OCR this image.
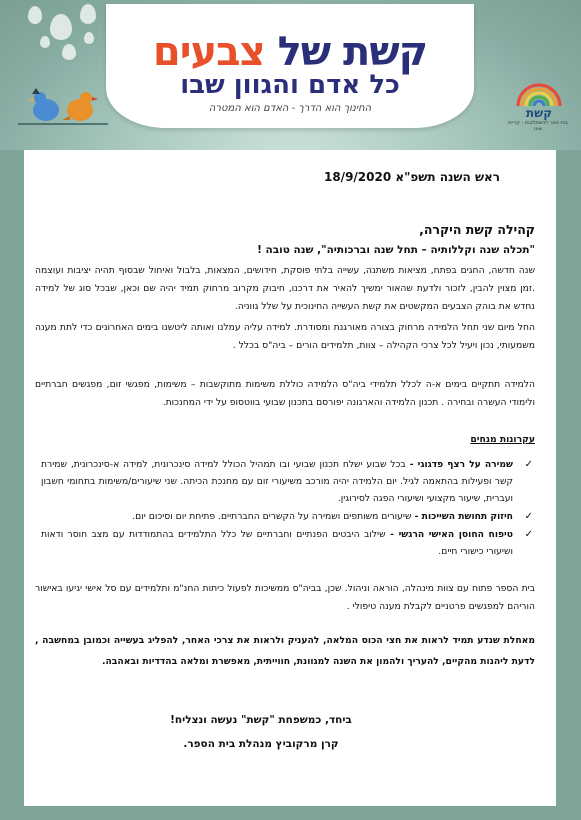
קשת של צבעים
כל אדם והגוון שבו
החינוך הוא הדרך - האדם הוא המטרה	קשת
בית ספר להשתלבות - קריית אונו
ראש השנה תשפ"א 18/9/2020
קהילה קשת היקרה,
"תכלה שנה וקללותיה – תחל שנה וברכותיה", שנה טובה !
שנה חדשה, החגים בפתח, מציאות משתנה, עשייה בלתי פוסקת, חידושים, המצאות, בלבול ואיחול שבסוף תהיה יציבות ועוצמה .זמן מצוין להבין, לזכור ולדעת שהאור ימשיך להאיר את דרכנו, חיבוק מקרוב מרחוק תמיד יהיה שם וכאן, שבכל סוג של למידה נחדש את בוהק הצבעים המקשטים את קשת העשייה החינוכית על שלל גווניה.
החל מיום שני תחל הלמידה מרחוק בצורה מאורגנת ומסודרת. למידה עליה עמלנו ואותה ליטשנו בימים האחרונים כדי לתת מענה משמעותי, נכון ויעיל לכל צרכי הקהילה – צוות, תלמידים הורים – ביה"ס בכלל .
הלמידה תתקיים בימים א-ה לכלל תלמידי ביה"ס הלמידה כוללת משימות מתוקשבות – משימות, מפגשי זום, מפגשים חברתיים ולימודי העשרה ובחירה . תכנון הלמידה והארגונה יפורסם בתכנון שבועי בווטסופ על ידי המחנכות.
עקרונות מנחים
✓
שמירה על רצף פדגוגי - בכל שבוע ישלח תכנון שבועי ובו תמהיל הכולל למידה סינכרונית, למידה א-סינכרונית, שמירת קשר ופעילות בהתאמה לגיל. יום הלמידה יהיה מורכב משיעורי זום עם מחנכת הכיתה. שני שיעורים/משימות בתחומי חשבון ועברית, שיעור מקצועי ושיעורי הפגה לסירוגין.
✓
חיזוק תחושת השייכות - שיעורים משותפים ושמירה על הקשרים החברתיים. פתיחת יום וסיכום יום.
✓
טיפוח החוסן האישי הרגשי - שילוב היבטים הפנתיים וחברתיים של כלל התלמידים בהתמודדות עם מצב חוסר ודאות ושיעורי כישורי חיים.
בית הספר פתוח עם צוות מינהלה, הוראה וניהול. שכן, בביה"ס ממשיכות לפעול כיתות החנ"מ ותלמידים עם סל אישי יגיעו באישור הוריהם למפגשים פרטניים לקבלת מענה טיפולי .
מאחלת שנדע תמיד לראות את חצי הכוס המלאה, להעניק ולראות את צרכי האחר, להפליג בעשייה וכמובן במחשבה , לדעת ליהנות מהקיים, להעריך ולהמון את השנה למגוונת, חווייתית, מאפשרת ומלאה בהדדיות ובאהבה.
ביחד, כמשפחת "קשת" נעשה ונצליח!
קרן מרקוביץ מנהלת בית הספר.
